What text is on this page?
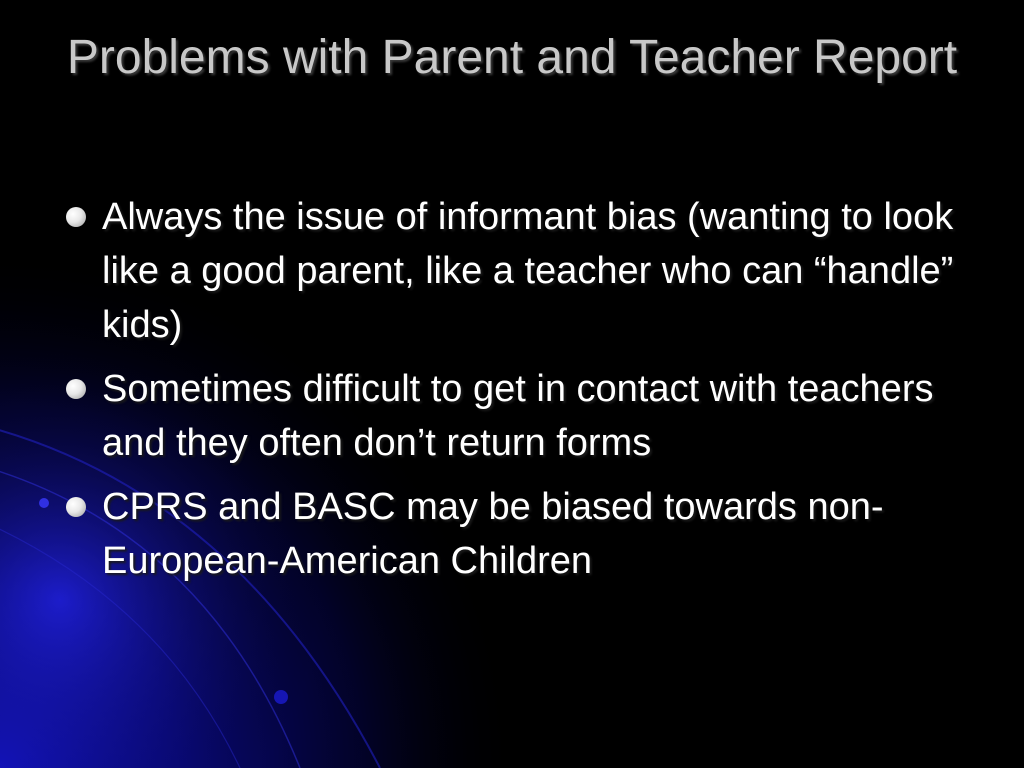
Problems with Parent and Teacher Report
Always the issue of informant bias (wanting to look like a good parent, like a teacher who can “handle” kids)
Sometimes difficult to get in contact with teachers and they often don’t return forms
CPRS and BASC may be biased towards non-European-American Children
